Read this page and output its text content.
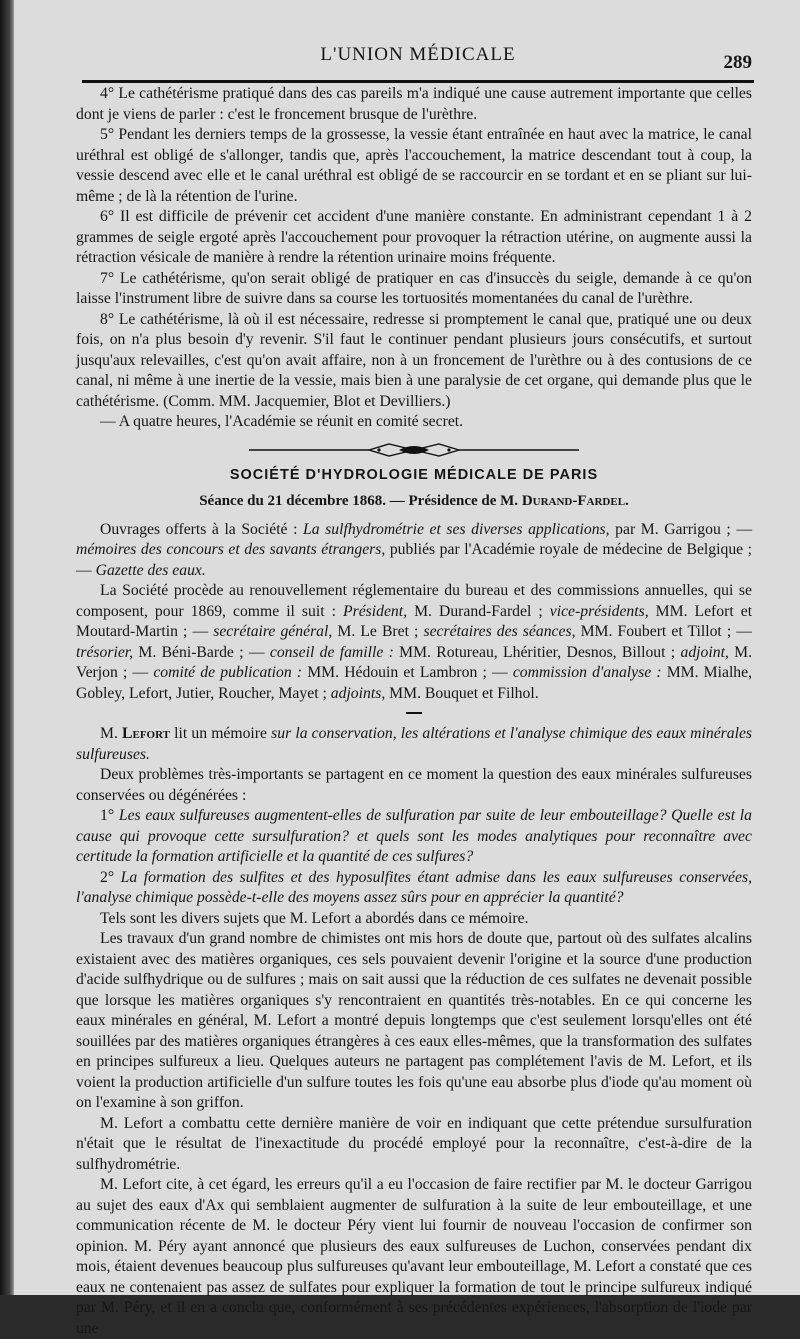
L'UNION MÉDICALE	289

4° Le cathétérisme pratiqué dans des cas pareils m'a indiqué une cause autrement importante que celles dont je viens de parler : c'est le froncement brusque de l'urèthre.

5° Pendant les derniers temps de la grossesse, la vessie étant entraînée en haut avec la matrice, le canal uréthral est obligé de s'allonger, tandis que, après l'accouchement, la matrice descendant tout à coup, la vessie descend avec elle et le canal uréthral est obligé de se raccourcir en se tordant et en se pliant sur lui-même ; de là la rétention de l'urine.

6° Il est difficile de prévenir cet accident d'une manière constante. En administrant cependant 1 à 2 grammes de seigle ergoté après l'accouchement pour provoquer la rétraction utérine, on augmente aussi la rétraction vésicale de manière à rendre la rétention urinaire moins fréquente.

7° Le cathétérisme, qu'on serait obligé de pratiquer en cas d'insuccès du seigle, demande à ce qu'on laisse l'instrument libre de suivre dans sa course les tortuosités momentanées du canal de l'urèthre.

8° Le cathétérisme, là où il est nécessaire, redresse si promptement le canal que, pratiqué une ou deux fois, on n'a plus besoin d'y revenir. S'il faut le continuer pendant plusieurs jours consécutifs, et surtout jusqu'aux relevailles, c'est qu'on avait affaire, non à un froncement de l'urèthre ou à des contusions de ce canal, ni même à une inertie de la vessie, mais bien à une paralysie de cet organe, qui demande plus que le cathétérisme. (Comm. MM. Jacquemier, Blot et Devilliers.)

— A quatre heures, l'Académie se réunit en comité secret.

SOCIÉTÉ D'HYDROLOGIE MÉDICALE DE PARIS
Séance du 21 décembre 1868. — Présidence de M. Durand-Fardel.

Ouvrages offerts à la Société : La sulfhydrométrie et ses diverses applications, par M. Garrigou ; — mémoires des concours et des savants étrangers, publiés par l'Académie royale de médecine de Belgique ; — Gazette des eaux.

La Société procède au renouvellement réglementaire du bureau et des commissions annuelles, qui se composent, pour 1869, comme il suit : Président, M. Durand-Fardel ; vice-présidents, MM. Lefort et Moutard-Martin ; — secrétaire général, M. Le Bret ; secrétaires des séances, MM. Foubert et Tillot ; — trésorier, M. Béni-Barde ; — conseil de famille : MM. Rotureau, Lhéritier, Desnos, Billout ; adjoint, M. Verjon ; — comité de publication : MM. Hédouin et Lambron ; — commission d'analyse : MM. Mialhe, Gobley, Lefort, Jutier, Roucher, Mayet ; adjoints, MM. Bouquet et Filhol.

M. Lefort lit un mémoire sur la conservation, les altérations et l'analyse chimique des eaux minérales sulfureuses.

Deux problèmes très-importants se partagent en ce moment la question des eaux minérales sulfureuses conservées ou dégénérées :

1° Les eaux sulfureuses augmentent-elles de sulfuration par suite de leur embouteillage? Quelle est la cause qui provoque cette sursulfuration? et quels sont les modes analytiques pour reconnaître avec certitude la formation artificielle et la quantité de ces sulfures?

2° La formation des sulfites et des hyposulfites étant admise dans les eaux sulfureuses conservées, l'analyse chimique possède-t-elle des moyens assez sûrs pour en apprécier la quantité?

Tels sont les divers sujets que M. Lefort a abordés dans ce mémoire.

Les travaux d'un grand nombre de chimistes ont mis hors de doute que, partout où des sulfates alcalins existaient avec des matières organiques, ces sels pouvaient devenir l'origine et la source d'une production d'acide sulfhydrique ou de sulfures ; mais on sait aussi que la réduction de ces sulfates ne devenait possible que lorsque les matières organiques s'y rencontraient en quantités très-notables. En ce qui concerne les eaux minérales en général, M. Lefort a montré depuis longtemps que c'est seulement lorsqu'elles ont été souillées par des matières organiques étrangères à ces eaux elles-mêmes, que la transformation des sulfates en principes sulfureux a lieu. Quelques auteurs ne partagent pas complétement l'avis de M. Lefort, et ils voient la production artificielle d'un sulfure toutes les fois qu'une eau absorbe plus d'iode qu'au moment où on l'examine à son griffon.

M. Lefort a combattu cette dernière manière de voir en indiquant que cette prétendue sursulfuration n'était que le résultat de l'inexactitude du procédé employé pour la reconnaître, c'est-à-dire de la sulfhydrométrie.

M. Lefort cite, à cet égard, les erreurs qu'il a eu l'occasion de faire rectifier par M. le docteur Garrigou au sujet des eaux d'Ax qui semblaient augmenter de sulfuration à la suite de leur embouteillage, et une communication récente de M. le docteur Péry vient lui fournir de nouveau l'occasion de confirmer son opinion. M. Péry ayant annoncé que plusieurs des eaux sulfureuses de Luchon, conservées pendant dix mois, étaient devenues beaucoup plus sulfureuses qu'avant leur embouteillage, M. Lefort a constaté que ces eaux ne contenaient pas assez de sulfates pour expliquer la formation de tout le principe sulfureux indiqué par M. Péry, et il en a conclu que, conformément à ses précédentes expériences, l'absorption de l'iode par une
